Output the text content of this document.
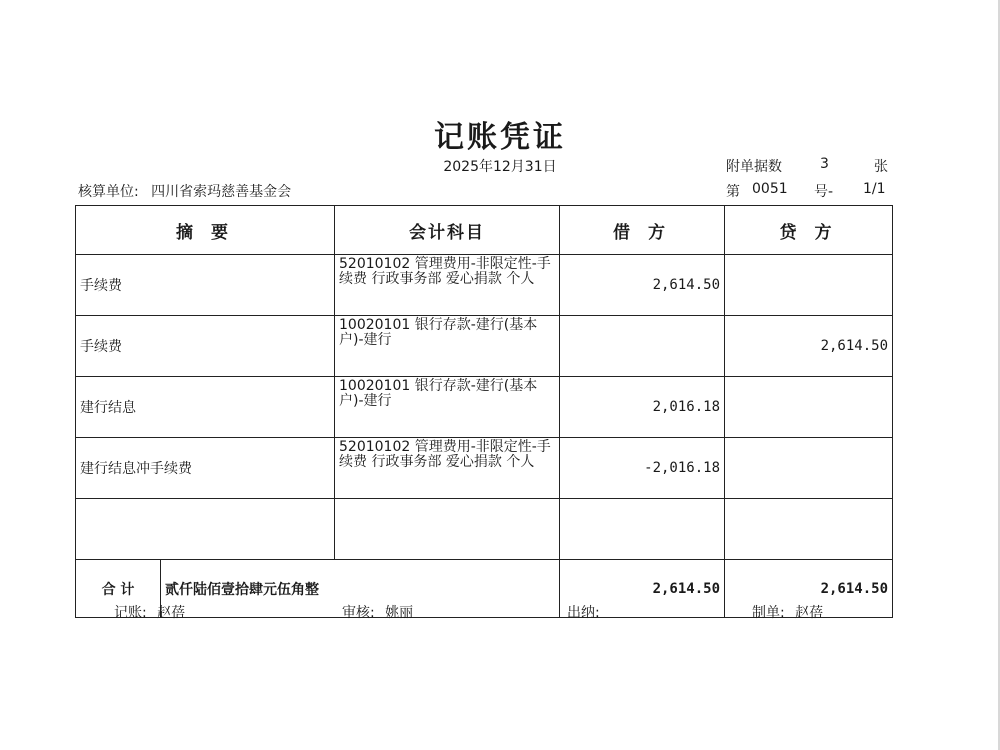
记账凭证
2025年12月31日
核算单位: 四川省索玛慈善基金会
附单据数	3	张

第

0051

号-

1/1

摘 要	会计科目	借 方	贷 方
手续费	52010102 管理费用-非限定性-手续费 行政事务部 爱心捐款 个人	2,614.50	
手续费	10020101 银行存款-建行(基本户)-建行		2,614.50
建行结息	10020101 银行存款-建行(基本户)-建行	2,016.18	
建行结息冲手续费	52010102 管理费用-非限定性-手续费 行政事务部 爱心捐款 个人	-2,016.18	

合 计 贰仟陆佰壹拾肆元伍角整		2,614.50	2,614.50
记账: 赵蓓	审核: 姚丽	出纳:	制单: 赵蓓
